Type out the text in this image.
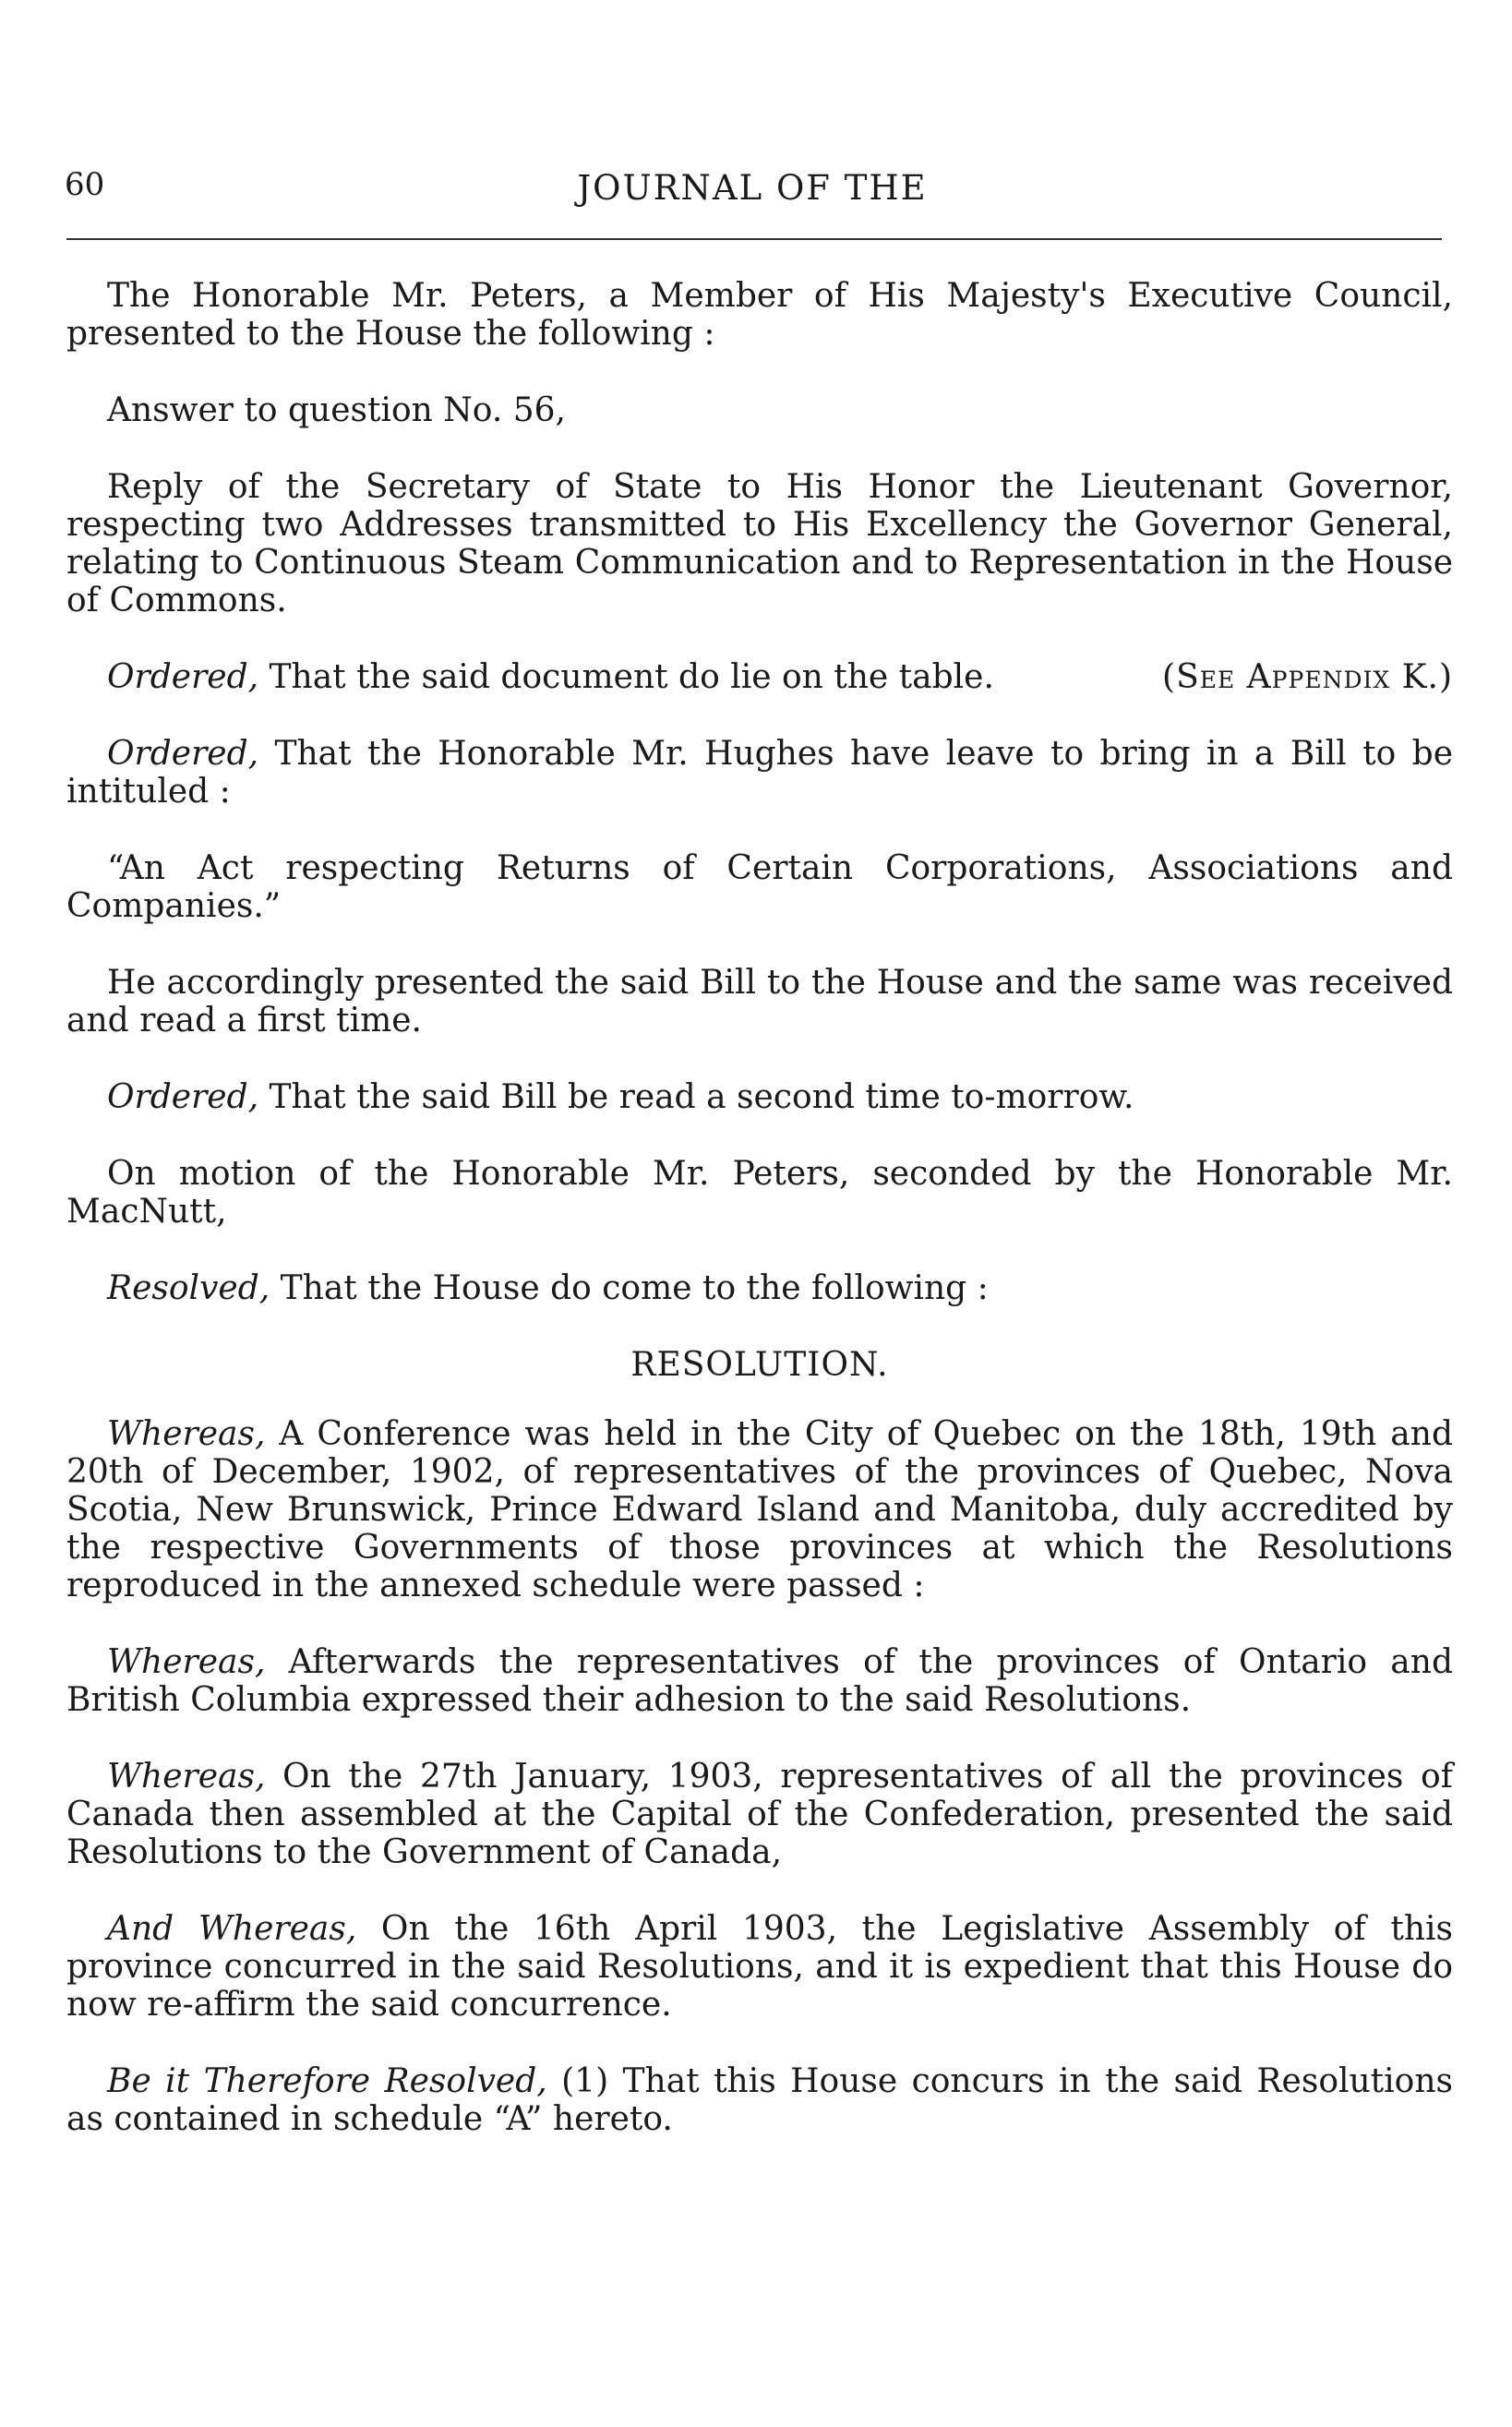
60	JOURNAL OF THE

The Honorable Mr. Peters, a Member of His Majesty's Executive Council, presented to the House the following :

Answer to question No. 56,

Reply of the Secretary of State to His Honor the Lieutenant Governor, respecting two Addresses transmitted to His Excellency the Governor General, relating to Continuous Steam Communication and to Representation in the House of Commons.

Ordered, That the said document do lie on the table.	(See Appendix K.)

Ordered, That the Honorable Mr. Hughes have leave to bring in a Bill to be intituled :

“An Act respecting Returns of Certain Corporations, Associations and Companies.”

He accordingly presented the said Bill to the House and the same was received and read a first time.

Ordered, That the said Bill be read a second time to-morrow.

On motion of the Honorable Mr. Peters, seconded by the Honorable Mr. MacNutt,

Resolved, That the House do come to the following :

RESOLUTION.

Whereas, A Conference was held in the City of Quebec on the 18th, 19th and 20th of December, 1902, of representatives of the provinces of Quebec, Nova Scotia, New Brunswick, Prince Edward Island and Manitoba, duly accredited by the respective Governments of those provinces at which the Resolutions reproduced in the annexed schedule were passed :

Whereas, Afterwards the representatives of the provinces of Ontario and British Columbia expressed their adhesion to the said Resolutions.

Whereas, On the 27th January, 1903, representatives of all the provinces of Canada then assembled at the Capital of the Confederation, presented the said Resolutions to the Government of Canada,

And Whereas, On the 16th April 1903, the Legislative Assembly of this province concurred in the said Resolutions, and it is expedient that this House do now re-affirm the said concurrence.

Be it Therefore Resolved, (1) That this House concurs in the said Resolutions as contained in schedule “A” hereto.
